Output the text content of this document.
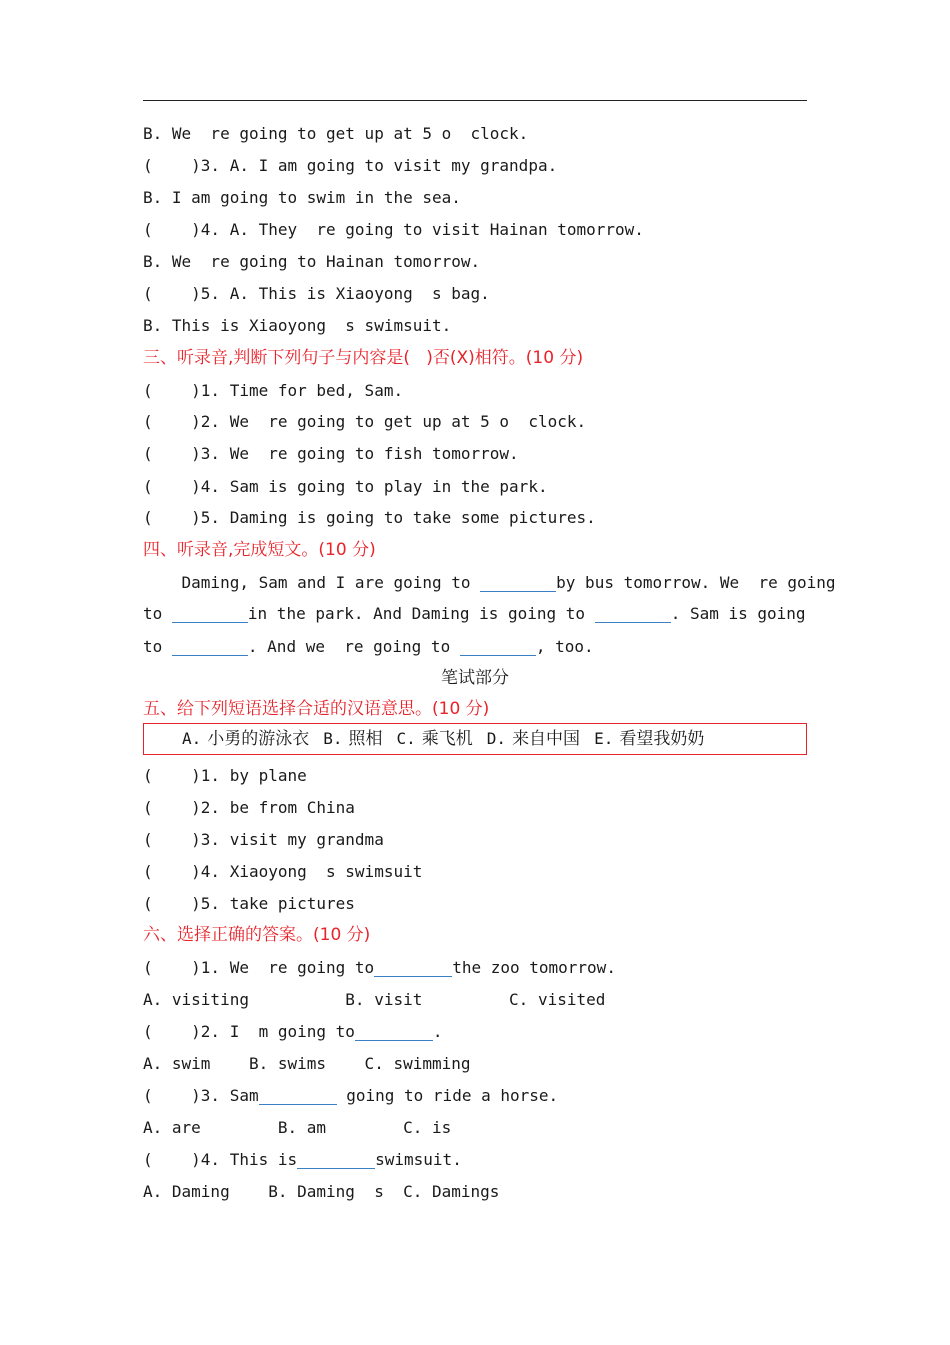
B. We  re going to get up at 5 o  clock.
(    )3. A. I am going to visit my grandpa.
B. I am going to swim in the sea.
(    )4. A. They  re going to visit Hainan tomorrow.
B. We  re going to Hainan tomorrow.
(    )5. A. This is Xiaoyong  s bag.
B. This is Xiaoyong  s swimsuit.
三、听录音,判断下列句子与内容是(   )否(X)相符。(10 分)
(    )1. Time for bed, Sam.
(    )2. We  re going to get up at 5 o  clock.
(    )3. We  re going to fish tomorrow.
(    )4. Sam is going to play in the park.
(    )5. Daming is going to take some pictures.
四、听录音,完成短文。(10 分)
Daming, Sam and I are going to	by bus tomorrow. We  re going
to	in the park. And Daming is going to	. Sam is going
to	. And we  re going to	, too.
笔试部分
五、给下列短语选择合适的汉语意思。(10 分)
A. 小勇的游泳衣 B. 照相 C. 乘飞机 D. 来自中国 E. 看望我奶奶
(    )1. by plane
(    )2. be from China
(    )3. visit my grandma
(    )4. Xiaoyong  s swimsuit
(    )5. take pictures
六、选择正确的答案。(10 分)
(    )1. We  re going to	the zoo tomorrow.
A. visiting          B. visit         C. visited
(    )2. I  m going to	.
A. swim    B. swims    C. swimming
(    )3. Sam	going to ride a horse.
A. are        B. am        C. is
(    )4. This is	swimsuit.
A. Daming    B. Daming  s  C. Damings
